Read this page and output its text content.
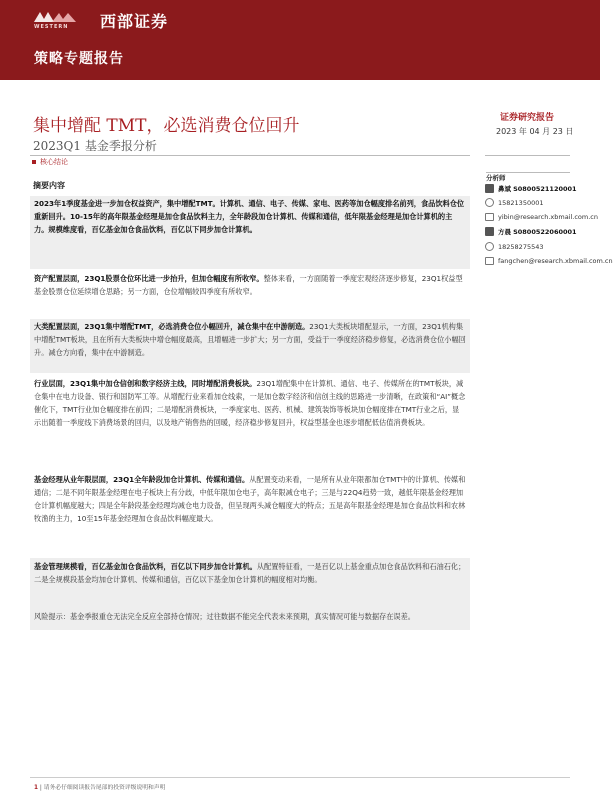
WESTERN 西部证券
策略专题报告
集中增配 TMT，必选消费仓位回升
2023Q1 基金季报分析
证券研究报告
2023 年 04 月 23 日
核心结论
摘要内容
2023年1季度基金进一步加仓权益资产，集中增配TMT。计算机、通信、电子、传媒、家电、医药等加仓幅度排名前列，食品饮料仓位重新回升。10-15年的高年限基金经理是加仓食品饮料主力，全年龄段加仓计算机、传媒和通信，低年限基金经理是加仓计算机的主力。规模维度看，百亿基金加仓食品饮料，百亿以下同步加仓计算机。
资产配置层面，23Q1股票仓位环比进一步抬升，但加仓幅度有所收窄。整体来看，一方面随着一季度宏观经济逐步修复，23Q1权益型基金股票仓位延续增仓思路；另一方面，仓位增幅较四季度有所收窄。
大类配置层面，23Q1集中增配TMT，必选消费仓位小幅回升，减仓集中在中游制造。23Q1大类板块增配显示，一方面，23Q1机构集中增配TMT板块，且在所有大类板块中增仓幅度最高，且增幅进一步扩大；另一方面，受益于一季度经济稳步修复，必选消费仓位小幅回升。减仓方向看，集中在中游制造。
行业层面，23Q1集中加仓信创和数字经济主线，同时增配消费板块。23Q1增配集中在计算机、通信、电子、传媒所在的TMT板块，减仓集中在电力设备、银行和国防军工等。从增配行业来看加仓线索，一是加仓数字经济和信创主线的思路进一步清晰，在政策和“AI”概念催化下，TMT行业加仓幅度排在前四；二是增配消费板块，一季度家电、医药、机械、建筑装饰等板块加仓幅度排在TMT行业之后，显示出随着一季度线下消费场景的回归，以及地产销售热的回暖，经济稳步修复回升，权益型基金也逐步增配低估值消费板块。
基金经理从业年限层面，23Q1全年龄段加仓计算机、传媒和通信。从配置变动来看，一是所有从业年限都加仓TMT中的计算机、传媒和通信；二是不同年限基金经理在电子板块上有分歧，中低年限加仓电子，高年限减仓电子；三是与22Q4趋势一致，越低年限基金经理加仓计算机幅度越大；四是全年龄段基金经理均减仓电力设备，但呈现两头减仓幅度大的特点；五是高年限基金经理是加仓食品饮料和农林牧渔的主力，10至15年基金经理加仓食品饮料幅度最大。
基金管理规模看，百亿基金加仓食品饮料，百亿以下同步加仓计算机。从配置特征看，一是百亿以上基金重点加仓食品饮料和石油石化；二是全规模段基金均加仓计算机、传媒和通信，百亿以下基金加仓计算机的幅度相对均衡。
风险提示：基金季报重仓无法完全反应全部持仓情况；过往数据不能完全代表未来预期，真实情况可能与数据存在误差。
分析师
鼻斌
S0800521120001
15821350001
yibin@research.xbmail.com.cn
方晨
S0800522060001
18258275543
fangchen@research.xbmail.com.cn
1 | 请务必仔细阅读报告尾部的投资评级说明和声明
